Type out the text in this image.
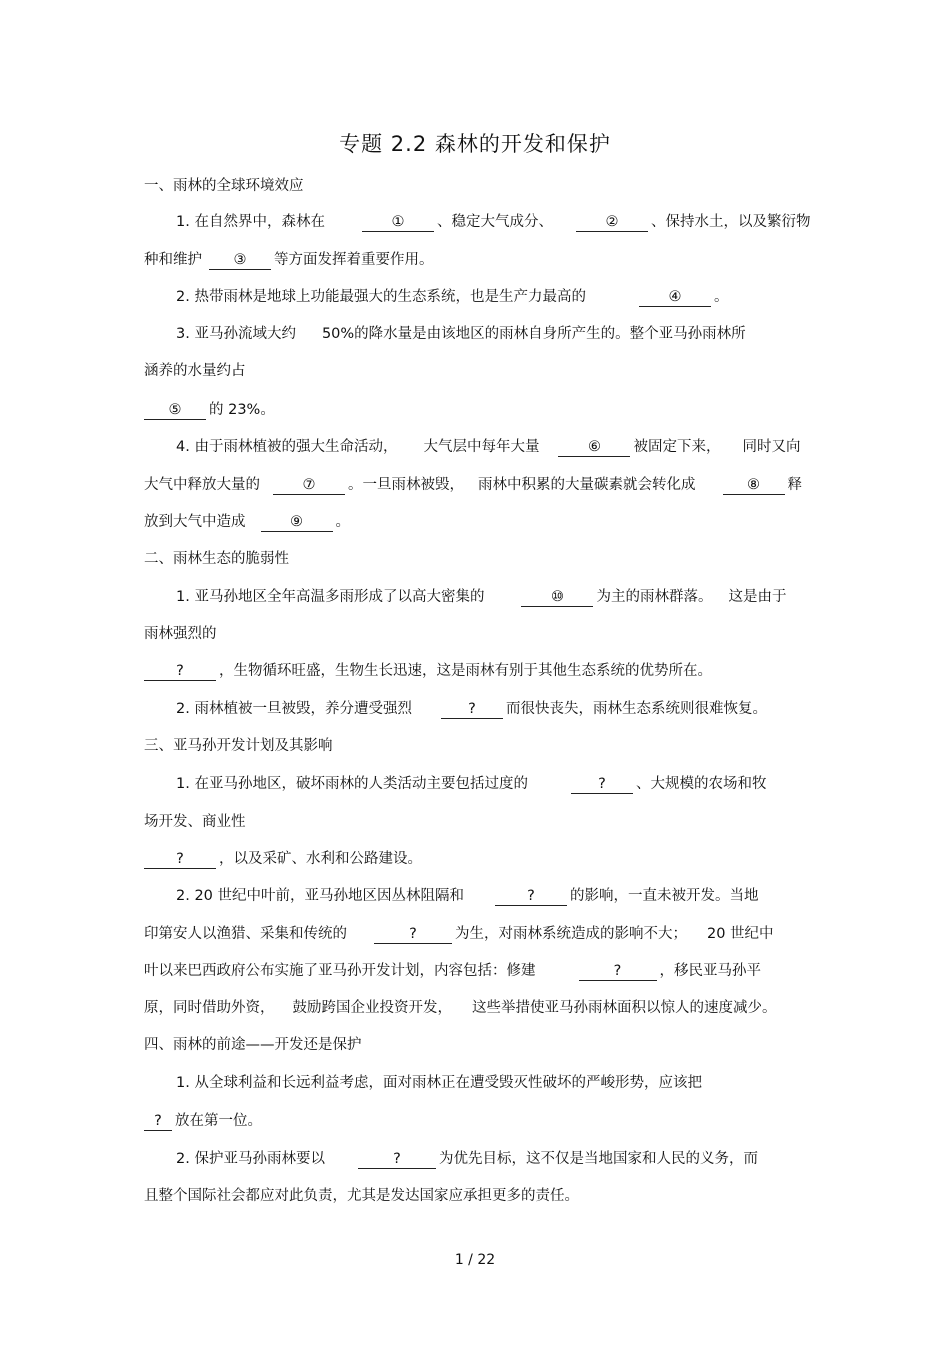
专题 2.2 森林的开发和保护
一、雨林的全球环境效应
1. 在自然界中，森林在	① 、稳定大气成分、	② 、保持水土，以及繁衍物
种和维护 ③ 等方面发挥着重要作用。
2. 热带雨林是地球上功能最强大的生态系统，也是生产力最高的	④ 。
3. 亚马孙流域大约 50%的降水量是由该地区的雨林自身所产生的。整个亚马孙雨林所
涵养的水量约占
⑤ 的 23%。
4. 由于雨林植被的强大生命活动， 大气层中每年大量	⑥ 被固定下来， 同时又向
大气中释放大量的	⑦ 。一旦雨林被毁， 雨林中积累的大量碳素就会转化成	⑧ 释
放到大气中造成	⑨ 。
二、雨林生态的脆弱性
1. 亚马孙地区全年高温多雨形成了以高大密集的	⑩ 为主的雨林群落。 这是由于
雨林强烈的
? ，生物循环旺盛，生物生长迅速，这是雨林有别于其他生态系统的优势所在。
2. 雨林植被一旦被毁，养分遭受强烈	? 而很快丧失，雨林生态系统则很难恢复。
三、亚马孙开发计划及其影响
1. 在亚马孙地区，破坏雨林的人类活动主要包括过度的	? 、大规模的农场和牧
场开发、商业性
? ，以及采矿、水利和公路建设。
2. 20 世纪中叶前，亚马孙地区因丛林阻隔和	? 的影响，一直未被开发。当地
印第安人以渔猎、采集和传统的	?	为生，对雨林系统造成的影响不大； 20 世纪中
叶以来巴西政府公布实施了亚马孙开发计划，内容包括：修建	?	，移民亚马孙平
原，同时借助外资， 鼓励跨国企业投资开发， 这些举措使亚马孙雨林面积以惊人的速度减少。
四、雨林的前途——开发还是保护
1. 从全球利益和长远利益考虑，面对雨林正在遭受毁灭性破坏的严峻形势，应该把
? 放在第一位。
2. 保护亚马孙雨林要以	?	为优先目标，这不仅是当地国家和人民的义务，而
且整个国际社会都应对此负责，尤其是发达国家应承担更多的责任。
1 / 22
